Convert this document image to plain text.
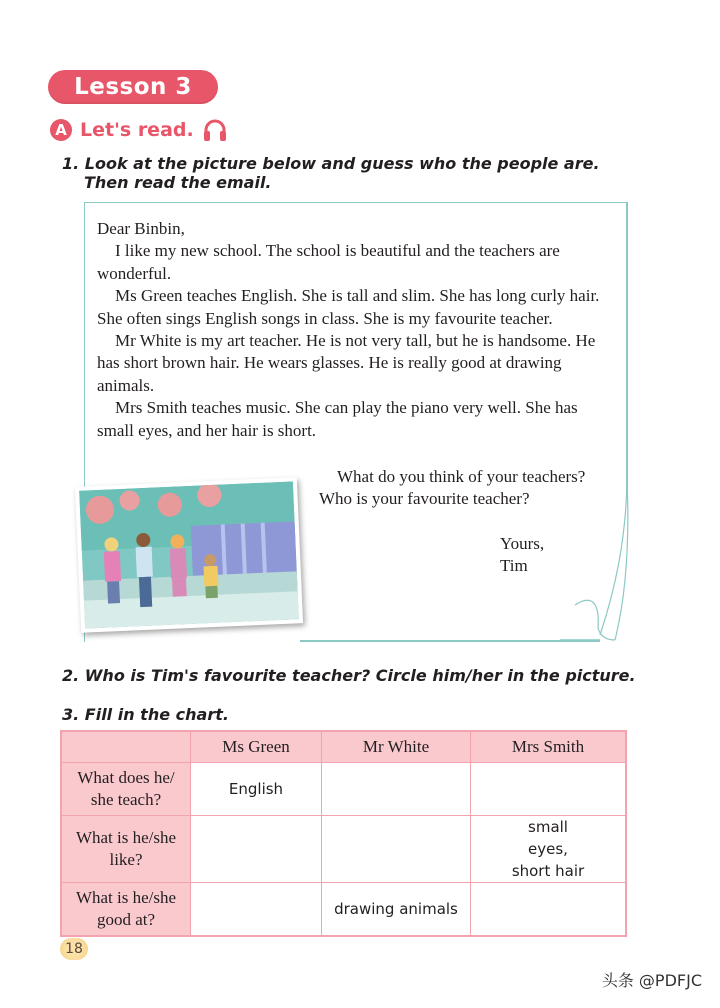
Lesson 3
A Let's read.
1. Look at the picture below and guess who the people are.
Then read the email.

Dear Binbin,

I like my new school. The school is beautiful and the teachers are wonderful.

Ms Green teaches English. She is tall and slim. She has long curly hair. She often sings English songs in class. She is my favourite teacher.

Mr White is my art teacher. He is not very tall, but he is handsome. He has short brown hair. He wears glasses. He is really good at drawing animals.

Mrs Smith teaches music. She can play the piano very well. She has small eyes, and her hair is short.

What do you think of your teachers?
Who is your favourite teacher?
Yours,
Tim
2. Who is Tim's favourite teacher? Circle him/her in the picture.
3. Fill in the chart.
	Ms Green	Mr White	Mrs Smith
What does he/ she teach?	English		
What is he/she like?			small eyes, short hair
What is he/she good at?		drawing animals	
18
头条 @PDFJC
